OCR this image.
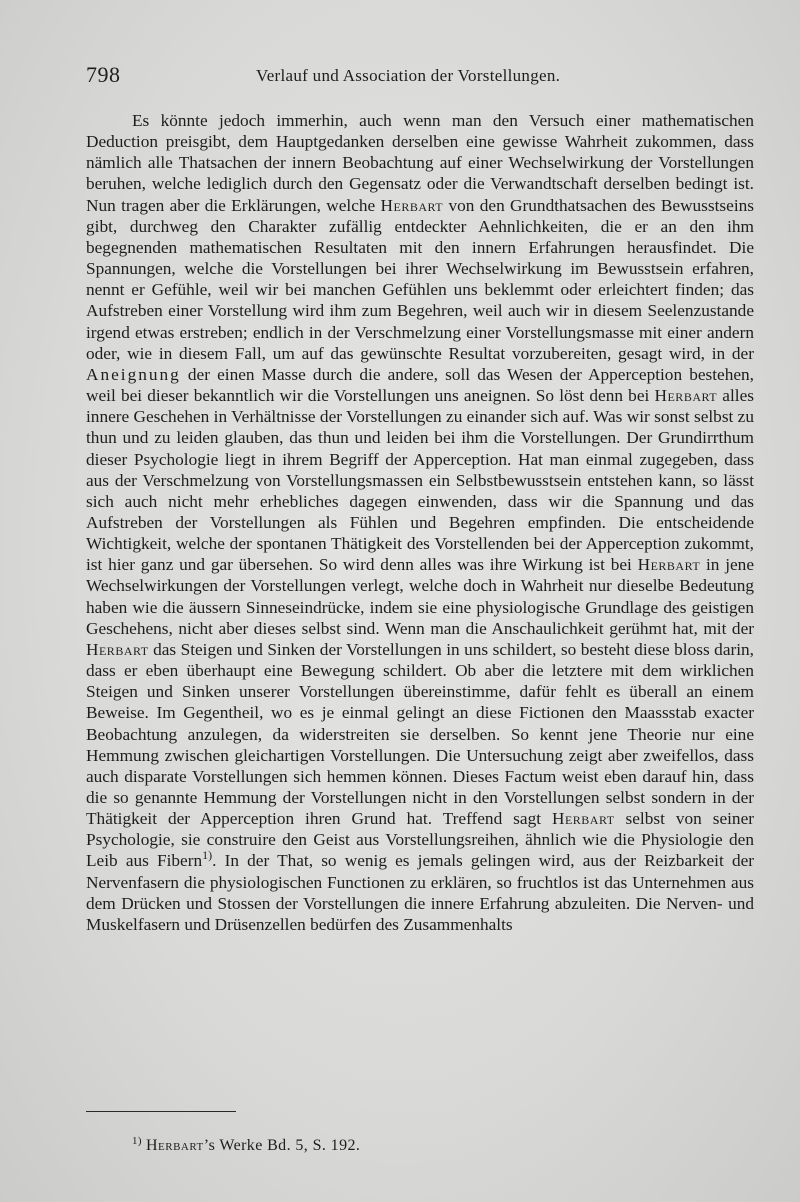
798	Verlauf und Association der Vorstellungen.

Es könnte jedoch immerhin, auch wenn man den Versuch einer mathematischen Deduction preisgibt, dem Hauptgedanken derselben eine gewisse Wahrheit zukommen, dass nämlich alle Thatsachen der innern Beobachtung auf einer Wechselwirkung der Vorstellungen beruhen, welche lediglich durch den Gegensatz oder die Verwandtschaft derselben bedingt ist. Nun tragen aber die Erklärungen, welche Herbart von den Grundthatsachen des Bewusstseins gibt, durchweg den Charakter zufällig entdeckter Aehnlichkeiten, die er an den ihm begegnenden mathematischen Resultaten mit den innern Erfahrungen herausfindet. Die Spannungen, welche die Vorstellungen bei ihrer Wechselwirkung im Bewusstsein erfahren, nennt er Gefühle, weil wir bei manchen Gefühlen uns beklemmt oder erleichtert finden; das Aufstreben einer Vorstellung wird ihm zum Begehren, weil auch wir in diesem Seelenzustande irgend etwas erstreben; endlich in der Verschmelzung einer Vorstellungsmasse mit einer andern oder, wie in diesem Fall, um auf das gewünschte Resultat vorzubereiten, gesagt wird, in der Aneignung der einen Masse durch die andere, soll das Wesen der Apperception bestehen, weil bei dieser bekanntlich wir die Vorstellungen uns aneignen. So löst denn bei Herbart alles innere Geschehen in Verhältnisse der Vorstellungen zu einander sich auf. Was wir sonst selbst zu thun und zu leiden glauben, das thun und leiden bei ihm die Vorstellungen. Der Grundirrthum dieser Psychologie liegt in ihrem Begriff der Apperception. Hat man einmal zugegeben, dass aus der Verschmelzung von Vorstellungsmassen ein Selbstbewusstsein entstehen kann, so lässt sich auch nicht mehr erhebliches dagegen einwenden, dass wir die Spannung und das Aufstreben der Vorstellungen als Fühlen und Begehren empfinden. Die entscheidende Wichtigkeit, welche der spontanen Thätigkeit des Vorstellenden bei der Apperception zukommt, ist hier ganz und gar übersehen. So wird denn alles was ihre Wirkung ist bei Herbart in jene Wechselwirkungen der Vorstellungen verlegt, welche doch in Wahrheit nur dieselbe Bedeutung haben wie die äussern Sinneseindrücke, indem sie eine physiologische Grundlage des geistigen Geschehens, nicht aber dieses selbst sind. Wenn man die Anschaulichkeit gerühmt hat, mit der Herbart das Steigen und Sinken der Vorstellungen in uns schildert, so besteht diese bloss darin, dass er eben überhaupt eine Bewegung schildert. Ob aber die letztere mit dem wirklichen Steigen und Sinken unserer Vorstellungen übereinstimme, dafür fehlt es überall an einem Beweise. Im Gegentheil, wo es je einmal gelingt an diese Fictionen den Maassstab exacter Beobachtung anzulegen, da widerstreiten sie derselben. So kennt jene Theorie nur eine Hemmung zwischen gleichartigen Vorstellungen. Die Untersuchung zeigt aber zweifellos, dass auch disparate Vorstellungen sich hemmen können. Dieses Factum weist eben darauf hin, dass die so genannte Hemmung der Vorstellungen nicht in den Vorstellungen selbst sondern in der Thätigkeit der Apperception ihren Grund hat. Treffend sagt Herbart selbst von seiner Psychologie, sie construire den Geist aus Vorstellungsreihen, ähnlich wie die Physiologie den Leib aus Fibern$^{1)}$. In der That, so wenig es jemals gelingen wird, aus der Reizbarkeit der Nervenfasern die physiologischen Functionen zu erklären, so fruchtlos ist das Unternehmen aus dem Drücken und Stossen der Vorstellungen die innere Erfahrung abzuleiten. Die Nerven- und Muskelfasern und Drüsenzellen bedürfen des Zusammenhalts

$^{1)}$ Herbart’s Werke Bd. 5, S. 192.
